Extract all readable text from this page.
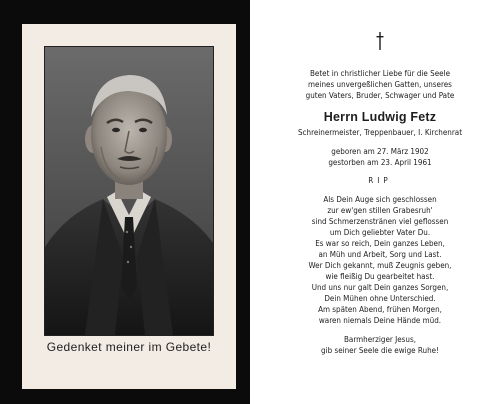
Gedenket meiner im Gebete!
Betet in christlicher Liebe für die Seele
meines unvergeßlichen Gatten, unseres
guten Vaters, Bruder, Schwager und Pate
Herrn Ludwig Fetz
Schreinermeister, Treppenbauer, I. Kirchenrat
geboren am 27. März 1902
gestorben am 23. April 1961
RIP
Als Dein Auge sich geschlossen
zur ew'gen stillen Grabesruh'
sind Schmerzenstränen viel geflossen
um Dich geliebter Vater Du.
Es war so reich, Dein ganzes Leben,
an Müh und Arbeit, Sorg und Last.
Wer Dich gekannt, muß Zeugnis geben,
wie fleißig Du gearbeitet hast.
Und uns nur galt Dein ganzes Sorgen,
Dein Mühen ohne Unterschied.
Am späten Abend, frühen Morgen,
waren niemals Deine Hände müd.
Barmherziger Jesus,
gib seiner Seele die ewige Ruhe!
